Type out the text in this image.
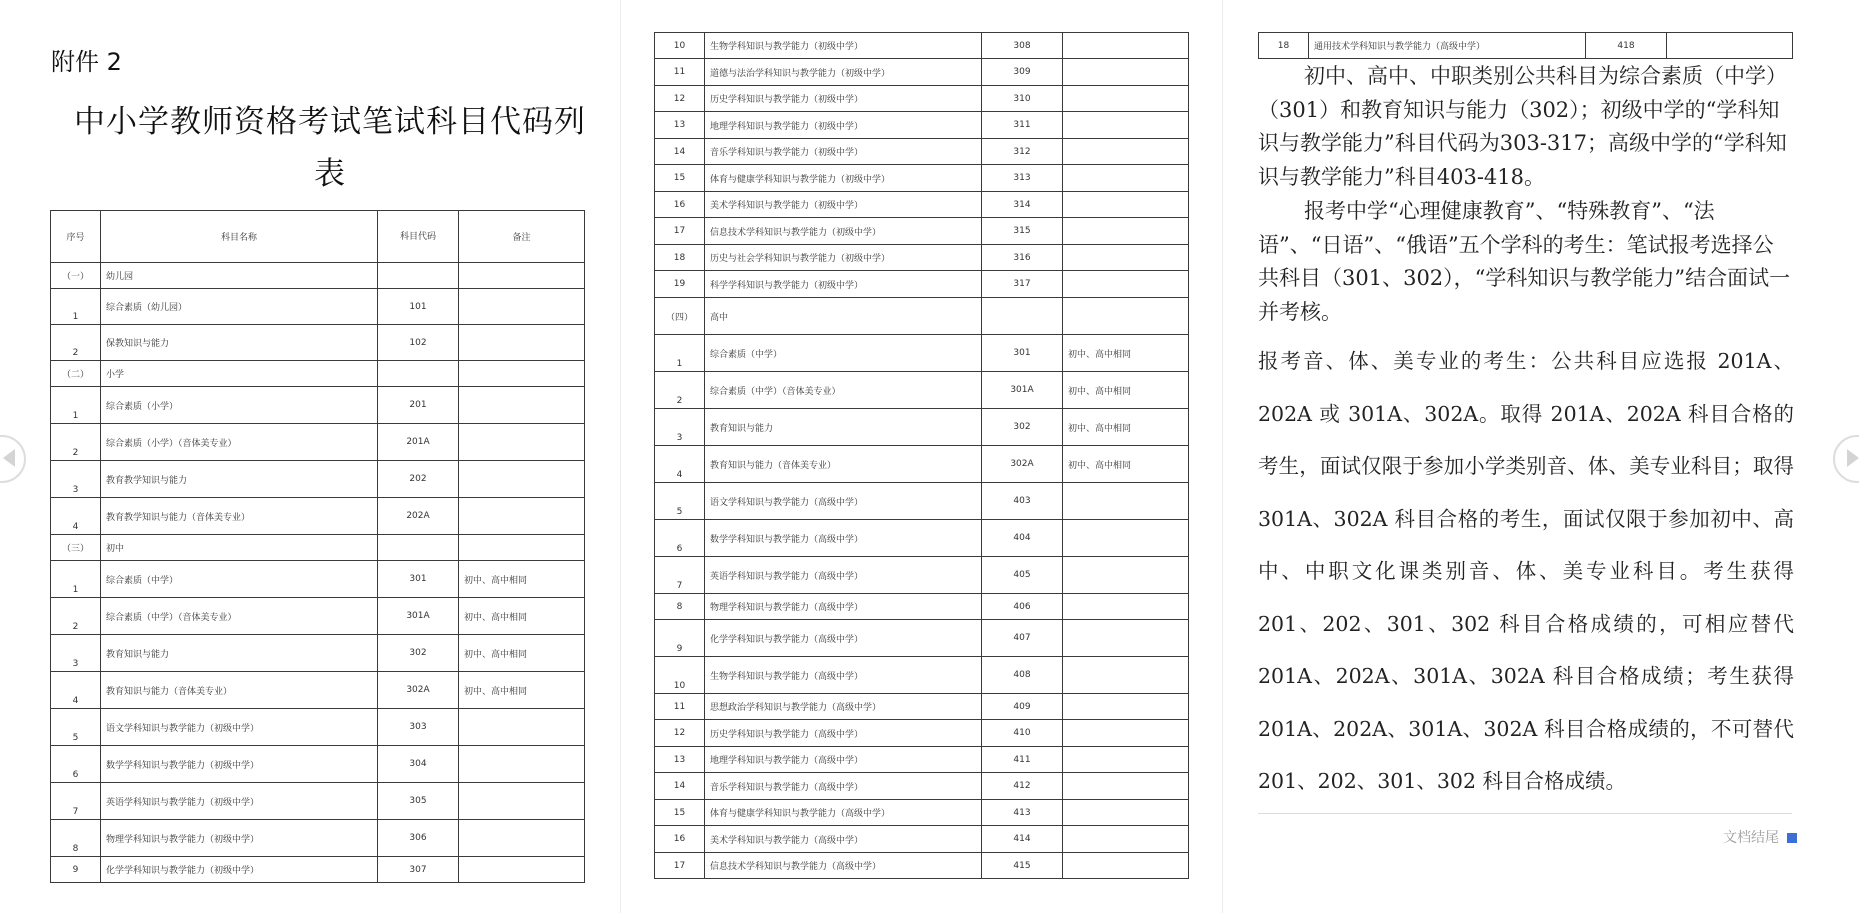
附件 2
中小学教师资格考试笔试科目代码列表
序号	科目名称	科目代码	备注
（一）	幼儿园		
1	综合素质（幼儿园）	101	
2	保教知识与能力	102	
（二）	小学		
1	综合素质（小学）	201	
2	综合素质（小学）（音体美专业）	201A	
3	教育教学知识与能力	202	
4	教育教学知识与能力（音体美专业）	202A	
（三）	初中		
1	综合素质（中学）	301	初中、高中相同
2	综合素质（中学）（音体美专业）	301A	初中、高中相同
3	教育知识与能力	302	初中、高中相同
4	教育知识与能力（音体美专业）	302A	初中、高中相同
5	语文学科知识与教学能力（初级中学）	303	
6	数学学科知识与教学能力（初级中学）	304	
7	英语学科知识与教学能力（初级中学）	305	
8	物理学科知识与教学能力（初级中学）	306	
9	化学学科知识与教学能力（初级中学）	307	
10	生物学科知识与教学能力（初级中学）	308	
11	道德与法治学科知识与教学能力（初级中学）	309	
12	历史学科知识与教学能力（初级中学）	310	
13	地理学科知识与教学能力（初级中学）	311	
14	音乐学科知识与教学能力（初级中学）	312	
15	体育与健康学科知识与教学能力（初级中学）	313	
16	美术学科知识与教学能力（初级中学）	314	
17	信息技术学科知识与教学能力（初级中学）	315	
18	历史与社会学科知识与教学能力（初级中学）	316	
19	科学学科知识与教学能力（初级中学）	317	
（四）	高中		
1	综合素质（中学）	301	初中、高中相同
2	综合素质（中学）（音体美专业）	301A	初中、高中相同
3	教育知识与能力	302	初中、高中相同
4	教育知识与能力（音体美专业）	302A	初中、高中相同
5	语文学科知识与教学能力（高级中学）	403	
6	数学学科知识与教学能力（高级中学）	404	
7	英语学科知识与教学能力（高级中学）	405	
8	物理学科知识与教学能力（高级中学）	406	
9	化学学科知识与教学能力（高级中学）	407	
10	生物学科知识与教学能力（高级中学）	408	
11	思想政治学科知识与教学能力（高级中学）	409	
12	历史学科知识与教学能力（高级中学）	410	
13	地理学科知识与教学能力（高级中学）	411	
14	音乐学科知识与教学能力（高级中学）	412	
15	体育与健康学科知识与教学能力（高级中学）	413	
16	美术学科知识与教学能力（高级中学）	414	
17	信息技术学科知识与教学能力（高级中学）	415	
18	通用技术学科知识与教学能力（高级中学）	418	
初中、高中、中职类别公共科目为综合素质（中学）（301）和教育知识与能力（302）；初级中学的“学科知识与教学能力”科目代码为303-317；高级中学的“学科知识与教学能力”科目403-418。
报考中学“心理健康教育”、“特殊教育”、“法语”、“日语”、“俄语”五个学科的考生：笔试报考选择公共科目（301、302），“学科知识与教学能力”结合面试一并考核。
报考音、体、美专业的考生：公共科目应选报 201A、202A 或 301A、302A。取得 201A、202A 科目合格的考生，面试仅限于参加小学类别音、体、美专业科目；取得 301A、302A 科目合格的考生，面试仅限于参加初中、高中、中职文化课类别音、体、美专业科目。考生获得 201、202、301、302 科目合格成绩的，可相应替代 201A、202A、301A、302A 科目合格成绩；考生获得 201A、202A、301A、302A 科目合格成绩的，不可替代 201、202、301、302 科目合格成绩。
文档结尾
